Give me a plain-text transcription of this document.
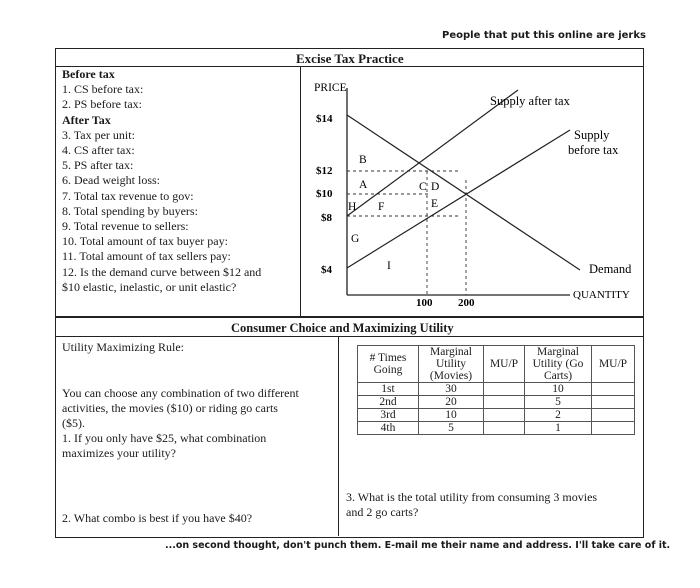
People that put this online are jerks
Excise Tax Practice
Before tax
1. CS before tax:
2. PS before tax:
After Tax
3. Tax per unit:
4. CS after tax:
5. PS after tax:
6. Dead weight loss:
7. Total tax revenue to gov:
8. Total spending by buyers:
9. Total revenue to sellers:
10. Total amount of tax buyer pay:
11. Total amount of tax sellers pay:
12. Is the demand curve between $12 and
$10 elastic, inelastic, or unit elastic?
PRICE
QUANTITY
$14
$12
$10
$8
$4
100 200
Supply after tax
Supply
before tax
Demand
A
B
C D
E
F
G
H
I
Consumer Choice and Maximizing Utility
Utility Maximizing Rule:
You can choose any combination of two different
activities, the movies ($10) or riding go carts
($5).
1. If you only have $25, what combination
maximizes your utility?
2. What combo is best if you have $40?
# Times Going	Marginal Utility (Movies)	MU/P	Marginal Utility (Go Carts)	MU/P
1st	30		10	
2nd	20		5	
3rd	10		2	
4th	5		1	
3. What is the total utility from consuming 3 movies
and 2 go carts?
...on second thought, don't punch them. E-mail me their name and address. I'll take care of it.
